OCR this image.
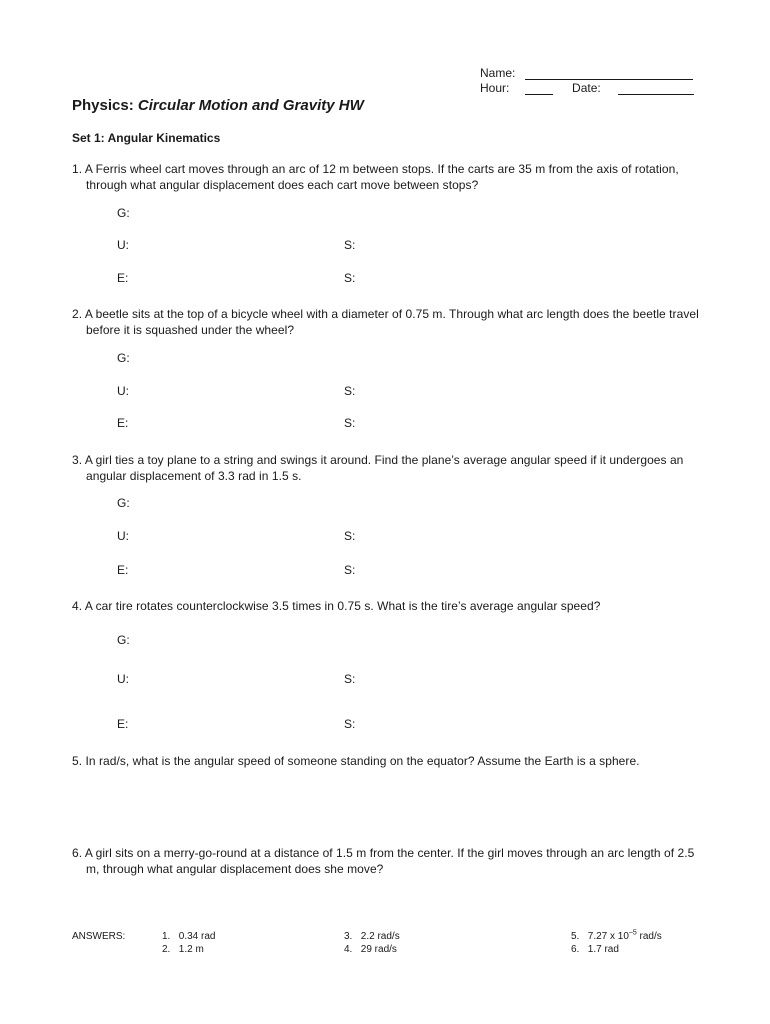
Name:
Hour:	Date:
Physics: Circular Motion and Gravity HW
Set 1: Angular Kinematics
1. A Ferris wheel cart moves through an arc of 12 m between stops. If the carts are 35 m from the axis of rotation, through what angular displacement does each cart move between stops?
G:
U:	S:
E:	S:
2. A beetle sits at the top of a bicycle wheel with a diameter of 0.75 m. Through what arc length does the beetle travel before it is squashed under the wheel?
G:
U:	S:
E:	S:
3. A girl ties a toy plane to a string and swings it around. Find the plane’s average angular speed if it undergoes an angular displacement of 3.3 rad in 1.5 s.
G:
U:	S:
E:	S:
4. A car tire rotates counterclockwise 3.5 times in 0.75 s. What is the tire’s average angular speed?
G:
U:	S:
E:	S:
5. In rad/s, what is the angular speed of someone standing on the equator? Assume the Earth is a sphere.
6. A girl sits on a merry-go-round at a distance of 1.5 m from the center. If the girl moves through an arc length of 2.5 m, through what angular displacement does she move?
ANSWERS:	1. 0.34 rad
2. 1.2 m
3. 2.2 rad/s
4. 29 rad/s
5. 7.27 x $10^{-5}$ rad/s
6. 1.7 rad
